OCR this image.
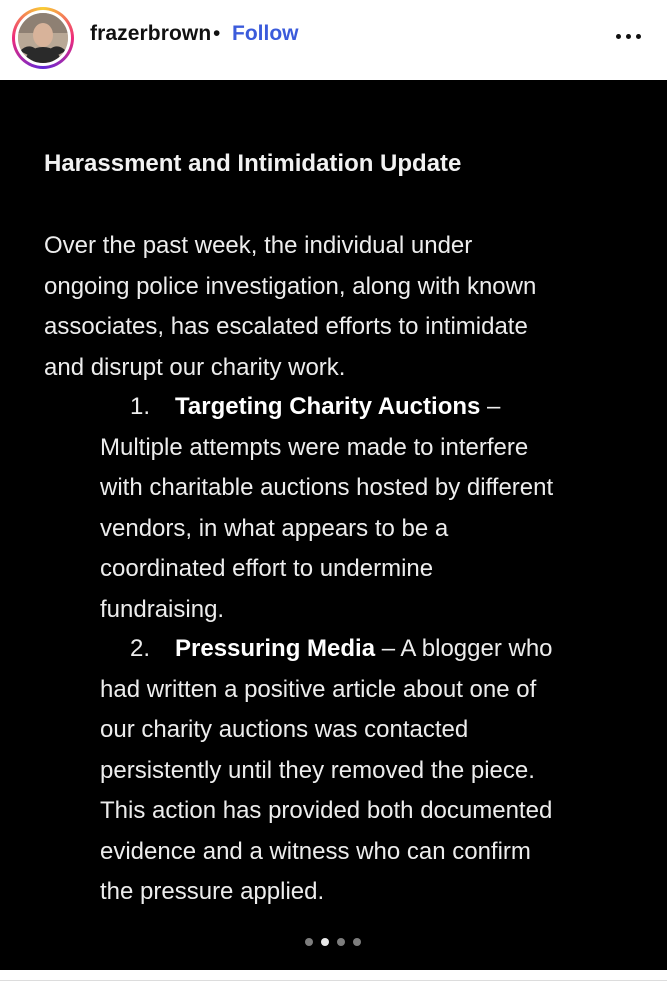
frazerbrown • Follow
Harassment and Intimidation Update
Over the past week, the individual under
ongoing police investigation, along with known
associates, has escalated efforts to intimidate
and disrupt our charity work.
1. Targeting Charity Auctions –
Multiple attempts were made to interfere
with charitable auctions hosted by different
vendors, in what appears to be a
coordinated effort to undermine
fundraising.
2. Pressuring Media – A blogger who
had written a positive article about one of
our charity auctions was contacted
persistently until they removed the piece.
This action has provided both documented
evidence and a witness who can confirm
the pressure applied.
